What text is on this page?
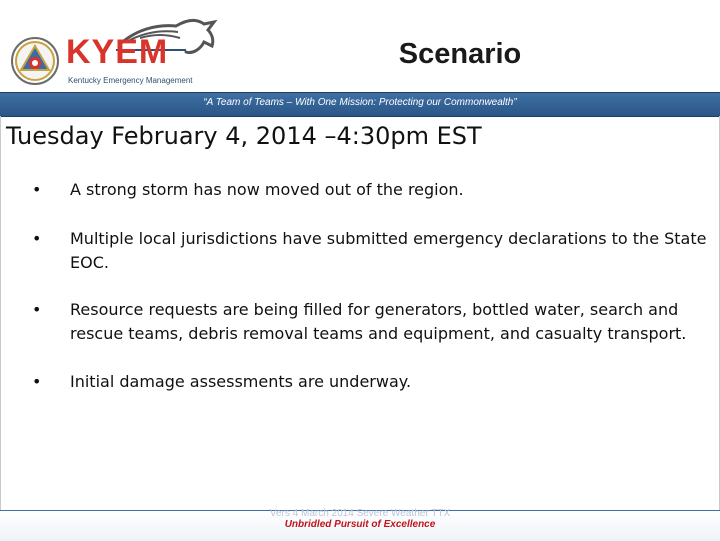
KYEM
Kentucky Emergency Management
Scenario
“A Team of Teams – With One Mission: Protecting our Commonwealth”
Tuesday February 4, 2014 –4:30pm EST
• A strong storm has now moved out of the region.
• Multiple local jurisdictions have submitted emergency declarations to the State EOC.
• Resource requests are being filled for generators, bottled water, search and rescue teams, debris removal teams and equipment, and casualty transport.
• Initial damage assessments are underway.
Vers 4 March 2014 Severe Weather TTX
Unbridled Pursuit of Excellence
